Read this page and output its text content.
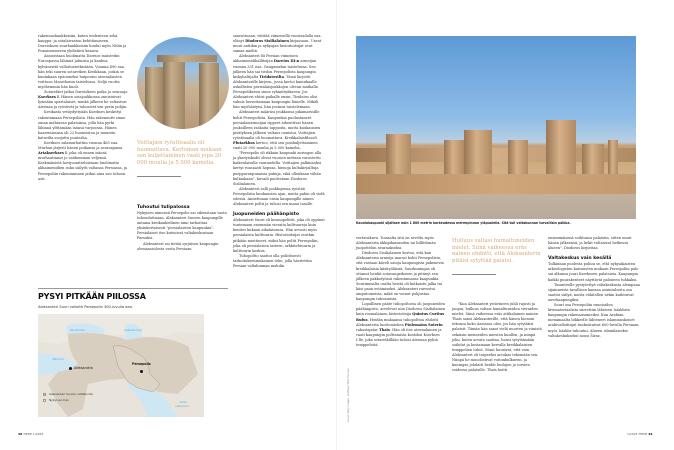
rakennushankkeisiin, kuten teidenteon sekä kauppa- ja sotalaivaston kehittämiseen. Dareioksen suurhankkeisiin kuului myös Niilin ja Punaisenmeren yhdistävä kanava.

Ansioistaan huolimatta Dareios muistetiin Euroopassa lähinnä julmista ja kauhua kylväneistä valloitusretkistään. Vuonna 490 eaa. hän teki suuren sotaretken Kreikkaan, joskin se kuninkaan epäonneksi huipentui ateenalaisten voittoon Marathonin taistelussa. Neljä vuotta myöhemmin hän kuoli.

Sotaretket jatkoi Dareioksen poika ja seuraaja Kserkses I. Hänen sotajoukkonsa onnistuivat lyömään spartalaiset, minkä jälkeen he valtasivat Ateenan ja ryöstivät ja tuhosivat sen perin pohjin.

Kreikasta vetäydyttyään Kserkses keskittyi rakentamaan Persepolista. Hän rakennutti sinne oman mahtavan palatsinsa, jolla hän pyrki lähinnä ylittämään isänsä varjoonsa. Hänen haaremissaan oli 22 huoneistoa ja muurein katseilta suojattu puutarha.

Kserkses salamurhattiin vuonna 465 eaa. Murhan järjesti hänen poikansa ja seuraajansa Artakserkses I, joka oli ennen isänsä murhauttanut jo vanhemman veljensä. Keskinäisistä hovijuonitteluistaan huolimatta akhaimenidien suku säilytti valtansa Persiassa, ja Persepoliin rakentaminen jatkui aina sen tuhoon asti.

Voittajien ryöstösaalis oli huomattava. Kertoman mukaan sen kuljettaminen vaati jopa 20 000 muulia ja 5 000 kamelia.
Tuhoutui tulipalossa

Nykyisen nimensä Persepolis sai oikeastaan vasta tuhouduttuaan. Aleksanteri Suuren kaupungille antama kreikankielinen nimi tarkoittaa yksinkertaisesti "persialaisten kaupunkia". Persialaiset itse kutsuivat valtakeskustaan Parsaksi.

Aleksanteri sai tietää syrjäisen kaupungin olemassaolosta vasta Persiaan

saavuttuaan, väittää viimeisellä vuosisadalla eaa. elänyt Diodoros Sisilialainen kirjassaan. Useat muut antiikin ja nykyajan historioitsijat ovat samaa mieltä.

Aleksanteri löi Persian viimeisen akhaimenidihallitsijan Dareios III:n armeijan vuonna 331 eaa. Gaugamelan taistelussa. Sen jälkeen hän sai tiedon Persepolista kaupungin kiskyhaltijalta Tiridatesilta. Tämä kirjoitti Aleksanterille kirjeen, jossa kertoi kuninkaalle uskollisten persialaisjoukkojen olevan matkalla Persepolikseen sinne ryhmittyäkseen. Jos Aleksanteri ehtisi paikalle ensin, Tiridates olisi valmis luovuttamaan kaupungin hänelle. Mikäli hän myöhästyisi, hän joutuisi taistelemaan.

Aleksanteri määräsi joukkonsa pikamarssille kohti Persepolista. Kaupunkia puolustaneet persialaisarmeijan rippeet aiheuttivat hänen joukoilleen raskaita tappioita, mutta kuukausien piirityksen jälkeen valtaus onnistui. Voittajien ryöstösaalis oli huomattava. Kreikkalaisfilosofi Plutarkhos kertoo, että sen poiskuljettaminen vaati 20 000 muulia ja 5 000 kamelia.

"Persepolis oli rikkain kaupunki auringon alla ja yksityiskodit olivat vuosien mittaan varustettu kaikenlaisella vauraudella. Voittajien palkinnoksi kertyi runsaasti hopeaa, hienoja kultakirjailtuja purppuranpunaisia pukuja, eikä ollenkaan vähän kultaakaan", kuvaili puolestaan Diodoros Sisilialainen.

Aleksanteri salli joukkojensa ryöstää Persepolista kuukausien ajan, mutta pahin oli vielä edessä. Annettuaan ensin kaupungille nimen Aleksanteri poltti ja tuhosi sen maan tasalle.

Juopuneiden päähänpisto

Aleksanteri Suuri oli kosmopoliitti, joka oli oppinut tuntemaan enemmän vieraita kulttuureja kuin kenties kukaan aikalaisensa. Hän arvosti myös persialaista kulttuuria. Historioitsijat ovatkin pitkään miettineet, miksi hän poltti Persepoliin, joka oli persialaisen taiteen, arkkitehtuurin ja kulttuurin keskus.

Tuhopoltto saattoi olla poliittisesti tarkoituksenmukainen teko, jolla hävitettiin Persian valtakunnan mahdin

PYSYI PITKÄÄN PIILOSSA
Aleksanteri Suuri valloitti Persepolin 300-luvulla eaa.
Mustameri	Kaspianmeri
Välimeri
Intian
valtameri
Aleksandria
Persepolis
Aleksanteri Suuren valtakunta
Nykyinen Iran
48 TIEDE 1/2025
Kauniokaupunki sijaitsee noin 1 800 metrin korkeudessa merenpinnan yläpuolella. Sitä tuli valtakunnan turvallisin paikka.
Kuvat: Getty Images · Grafiikka: Peter Harrison

vertauskuva. Toisaalta sitä on arveltu myös Aleksanterin äkkipikaisuuden tai hillittömän juopottelun seuraukseksi.

Diodoros Sisilialainen kertoo, että kun Aleksanterin armeija marssi kohti Persepolista, sitä vastaan käveli satoja kaupungista pakenevia kreikkalaisia käsityöläisiä. Suurkuningas oli ottanut heidät sotavangeikseen ja pitänyt sen jälkeen pakkotyössä rakentamassa kaupunkia. Suurimmalta osalta heistä oli katkaistu jalka tai käsi paon estämiseksi. Aleksanteri raivostui amputoineista, mikä on voinut pohjustaa kaupungin tuhoamista.

Lopullinen pääte tuhopoltosta oli juopuneiden päähänpisto, arvelevat niin Diodoros Sisilialainen kuin roomalainen historioitsija Quintus Curtius Rufus. Heidän mukaansa tuhopolttoa ehdotti Aleksanterin luottomiehen Ptolemaios Soterin rakastajatar Thaïs. Hän oli itse ateenalainen ja vaati kaupungin polttamista kostoksi Kserkses I:lle, joka sotaretkillään tuhosi Ateenan pyhiä temppeleitä.

Hulluus valtasi humaltuneiden mielet. Siinä vaiheessa eräs nainen ehdotti, että Aleksanterin pitäisi sytyttää palatsi.

"Kun Aleksanteri ystävineen juhli rajusti ja juopui, hulluus valtasi humaltuneiden vieraiden mielet. Siinä vaiheessa eräs attikalainen nainen Thaïs sanoi Aleksanterille, että hänen hienoin tekonsa koko Aasiassa olisi, jos hän sytyttäisi palatsit. Tämän hän sanoi vielä nuorten ja viinistä sekaisin menneiden miesten kuullen, ja niinpä joku, kuten arvata saattaa, huusi sytyttämään soihdut ja kostamaan kerralla kreikkalaisten temppelien tuhot. Muut huusivat, että vain Aleksanteri oli tarpeeksi arvokas tekemään sen. Niinpä he muodostivat voitonkulkueen, ja kuningas johdatti heidät huilujen ja torvien soidessa palatsille. Thaïs heitti

ensimmäisenä soihtunsa palatsiin, sitten muut hänen jälkeensä, ja liekit valtasivat hetkessä alueen", Diodoros kirjoittaa.

Valtakeskus vain kesällä

Tulkinnan puolesta puhuu se, että nykyaikaisten arkeologisten kaivausten mukaan Persepoliin palo sai alkunsa juuri Kserkseen palatsista. Kaupungin kaikki puurakenteet näyttävät paloneen tuhkaksi.

Tasanteelle pystytettyä valtakeskusta alempana sijainneista tavallisen kansan asuintaloista osa saattoi säilyä, mutta vähitellen nekin kuihtuivat aavekaupungiksi.

Suuri osa Persepoliin raunioiden kivimateriaalista siirrettiin läheisen Istakhrin kaupungin rakennusaineiksi. Kun Arabian niemimaalta liikkeelle lähteneet islaminuskoiset arabivalloittajat tunkeutuivat 600-luvulla Persiaan, myös Istakhr tuhoutui. Alueen islamilaiseksi valtakeskukseksi nousi Širaz.

1/2025 TIEDE 49
